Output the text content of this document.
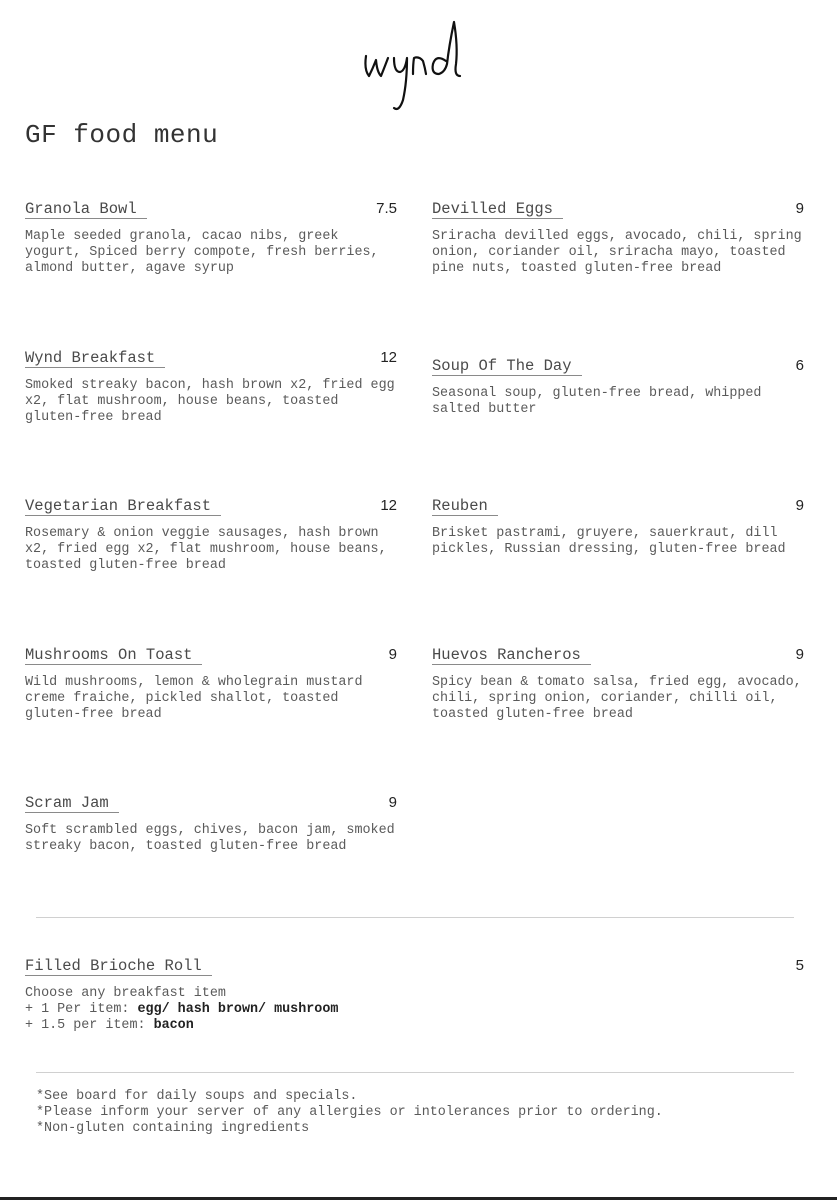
GF food menu
Granola Bowl	7.5
Maple seeded granola, cacao nibs, greek yogurt, Spiced berry compote, fresh berries, almond butter, agave syrup
Devilled Eggs	9
Sriracha devilled eggs, avocado, chili, spring onion, coriander oil, sriracha mayo, toasted pine nuts, toasted gluten-free bread
Wynd Breakfast	12
Smoked streaky bacon, hash brown x2, fried egg x2, flat mushroom, house beans, toasted gluten-free bread
Soup Of The Day	6
Seasonal soup, gluten-free bread, whipped salted butter
Vegetarian Breakfast	12
Rosemary & onion veggie sausages, hash brown x2, fried egg x2, flat mushroom, house beans, toasted gluten-free bread
Reuben	9
Brisket pastrami, gruyere, sauerkraut, dill pickles, Russian dressing, gluten-free bread
Mushrooms On Toast	9
Wild mushrooms, lemon & wholegrain mustard creme fraiche, pickled shallot, toasted gluten-free bread
Huevos Rancheros	9
Spicy bean & tomato salsa, fried egg, avocado, chili, spring onion, coriander, chilli oil, toasted gluten-free bread
Scram Jam	9
Soft scrambled eggs, chives, bacon jam, smoked streaky bacon, toasted gluten-free bread
Filled Brioche Roll	5
Choose any breakfast item
+ 1 Per item: egg/ hash brown/ mushroom
+ 1.5 per item: bacon
*See board for daily soups and specials.
*Please inform your server of any allergies or intolerances prior to ordering.
*Non-gluten containing ingredients
